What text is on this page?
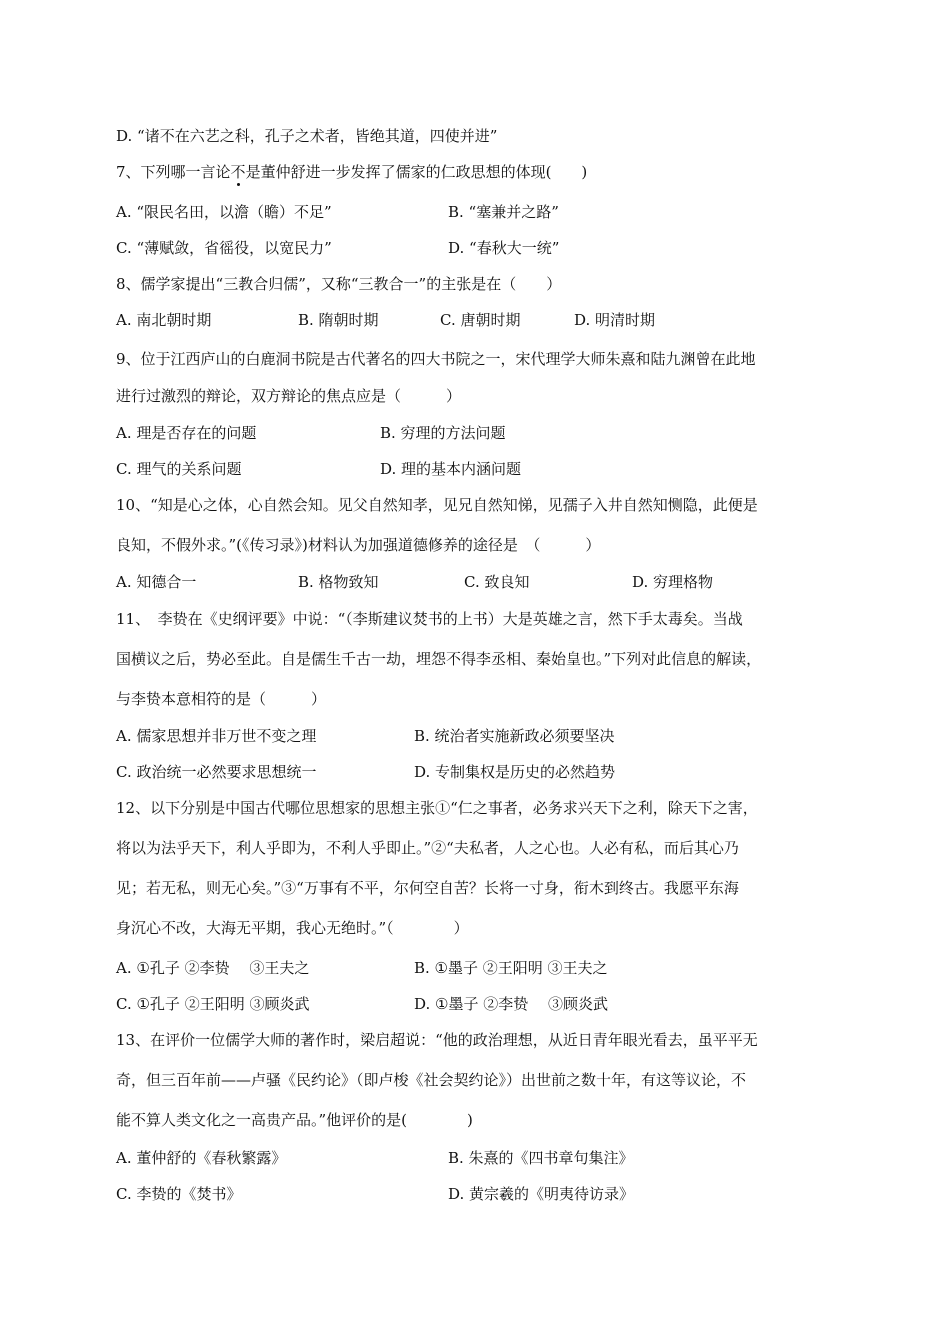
D. “诸不在六艺之科，孔子之术者，皆绝其道，四使并进”
7、下列哪一言论不是董仲舒进一步发挥了儒家的仁政思想的体现(　　)
A. “限民名田，以澹（瞻）不足”	B. “塞兼并之路”
C. “薄赋敛，省徭役，以宽民力”	D. “春秋大一统”
8、儒学家提出“三教合归儒”，又称“三教合一”的主张是在（　　）
A. 南北朝时期	B. 隋朝时期	C. 唐朝时期	D. 明清时期
9、位于江西庐山的白鹿洞书院是古代著名的四大书院之一，宋代理学大师朱熹和陆九渊曾在此地
进行过激烈的辩论，双方辩论的焦点应是（　　　）
A. 理是否存在的问题	B. 穷理的方法问题
C. 理气的关系问题	D. 理的基本内涵问题
10、“知是心之体，心自然会知。见父自然知孝，见兄自然知悌，见孺子入井自然知恻隐，此便是
良知，不假外求。”(《传习录》)材料认为加强道德修养的途径是　（　　　）
A. 知德合一	B. 格物致知	C. 致良知	D. 穷理格物
11、　李贽在《史纲评要》中说：“（李斯建议焚书的上书）大是英雄之言，然下手太毒矣。当战
国横议之后，势必至此。自是儒生千古一劫，埋怨不得李丞相、秦始皇也。”下列对此信息的解读，
与李贽本意相符的是（　　　）
A. 儒家思想并非万世不变之理	B. 统治者实施新政必须要坚决
C. 政治统一必然要求思想统一	D. 专制集权是历史的必然趋势
12、以下分别是中国古代哪位思想家的思想主张①“仁之事者，必务求兴天下之利，除天下之害，
将以为法乎天下，利人乎即为，不利人乎即止。”②“夫私者，人之心也。人必有私，而后其心乃
见；若无私，则无心矣。”③“万事有不平，尔何空自苦？长将一寸身，衔木到终古。我愿平东海
身沉心不改，大海无平期，我心无绝时。”（　　　　）
A. ①孔子 ②李贽　 ③王夫之	B. ①墨子 ②王阳明 ③王夫之
C. ①孔子 ②王阳明 ③顾炎武	D. ①墨子 ②李贽　 ③顾炎武
13、在评价一位儒学大师的著作时，梁启超说：“他的政治理想，从近日青年眼光看去，虽平平无
奇，但三百年前——卢骚《民约论》（即卢梭《社会契约论》）出世前之数十年，有这等议论，不
能不算人类文化之一高贵产品。”他评价的是(　　　　)
A. 董仲舒的《春秋繁露》	B. 朱熹的《四书章句集注》
C. 李贽的《焚书》	D. 黄宗羲的《明夷待访录》
